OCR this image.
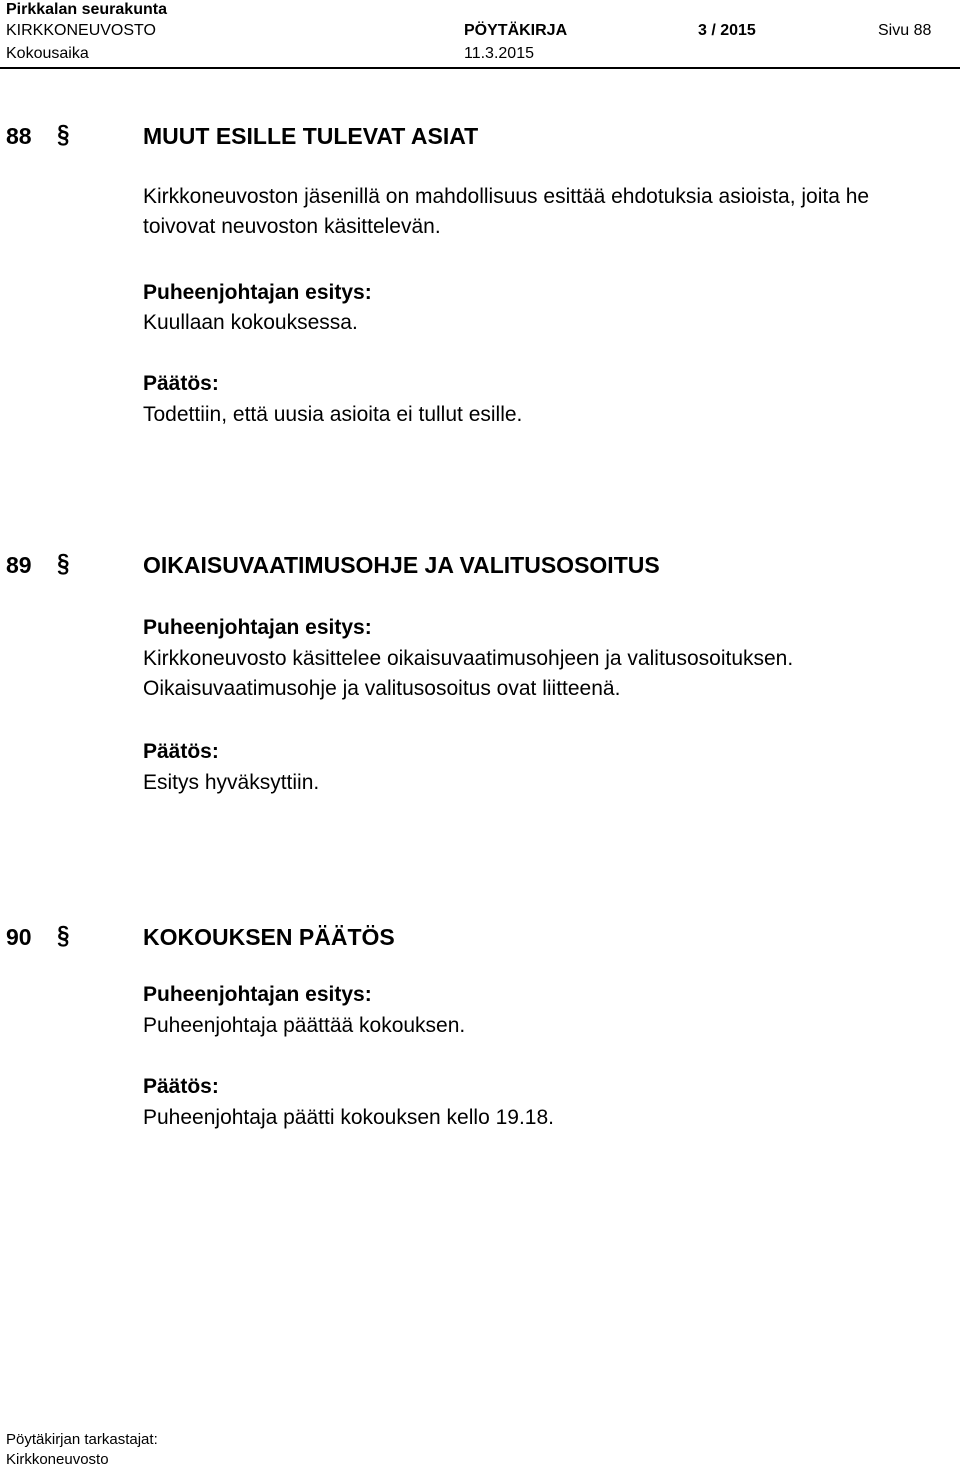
Pirkkalan seurakunta
KIRKKONEUVOSTO	PÖYTÄKIRJA	3 / 2015	Sivu 88
Kokousaika	11.3.2015
88 §	MUUT ESILLE TULEVAT ASIAT
Kirkkoneuvoston jäsenillä on mahdollisuus esittää ehdotuksia asioista, joita he
toivovat neuvoston käsittelevän.
Puheenjohtajan esitys:
Kuullaan kokouksessa.
Päätös:
Todettiin, että uusia asioita ei tullut esille.
89 §	OIKAISUVAATIMUSOHJE JA VALITUSOSOITUS
Puheenjohtajan esitys:
Kirkkoneuvosto käsittelee oikaisuvaatimusohjeen ja valitusosoituksen.
Oikaisuvaatimusohje ja valitusosoitus ovat liitteenä.
Päätös:
Esitys hyväksyttiin.
90 §	KOKOUKSEN PÄÄTÖS
Puheenjohtajan esitys:
Puheenjohtaja päättää kokouksen.
Päätös:
Puheenjohtaja päätti kokouksen kello 19.18.
Pöytäkirjan tarkastajat:
Kirkkoneuvosto
